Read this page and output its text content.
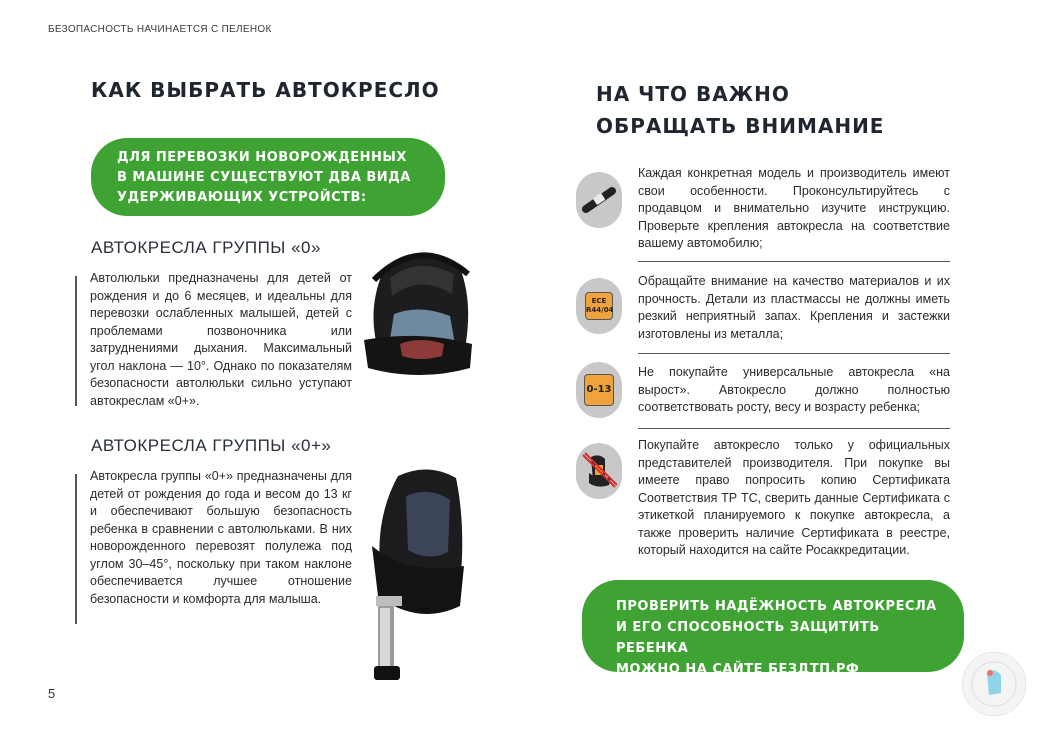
БЕЗОПАСНОСТЬ НАЧИНАЕТСЯ С ПЕЛЕНОК
КАК ВЫБРАТЬ АВТОКРЕСЛО
ДЛЯ ПЕРЕВОЗКИ НОВОРОЖДЕННЫХ
В МАШИНЕ СУЩЕСТВУЮТ ДВА ВИДА
УДЕРЖИВАЮЩИХ УСТРОЙСТВ:
АВТОКРЕСЛА ГРУППЫ «0»
Автолюльки предназначены для детей от рождения и до 6 месяцев, и идеальны для перевозки ослабленных малышей, детей с проблемами позвоночника или затруднениями дыхания. Максимальный угол наклона — 10°. Однако по показателям безопасности автолюльки сильно уступают автокреслам «0+».
АВТОКРЕСЛА ГРУППЫ «0+»
Автокресла группы «0+» предназначены для детей от рождения до года и весом до 13 кг и обеспечивают большую безопасность ребенка в сравнении с автолюльками. В них новорожденного перевозят полулежа под углом 30–45°, поскольку при таком наклоне обеспечивается лучшее отношение безопасности и комфорта для малыша.
5
НА ЧТО ВАЖНО ОБРАЩАТЬ ВНИМАНИЕ
Каждая конкретная модель и производитель имеют свои особенности. Проконсультируйтесь с продавцом и внимательно изучите инструкцию. Проверьте крепления автокресла на соответствие вашему автомобилю;
ECE
R44/04
Обращайте внимание на качество материалов и их прочность. Детали из пластмассы не должны иметь резкий неприятный запах. Крепления и застежки изготовлены из металла;
0-13
Не покупайте универсальные автокресла «на вырост». Автокресло должно полностью соответствовать росту, весу и возрасту ребенка;
Покупайте автокресло только у официальных представителей производителя. При покупке вы имеете право попросить копию Сертификата Соответствия ТР ТС, сверить данные Сертификата с этикеткой планируемого к покупке автокресла, а также проверить наличие Сертификата в реестре, который находится на сайте Росаккредитации.
ПРОВЕРИТЬ НАДЁЖНОСТЬ АВТОКРЕСЛА
И ЕГО СПОСОБНОСТЬ ЗАЩИТИТЬ РЕБЕНКА
МОЖНО НА САЙТЕ БЕЗДТП.РФ
